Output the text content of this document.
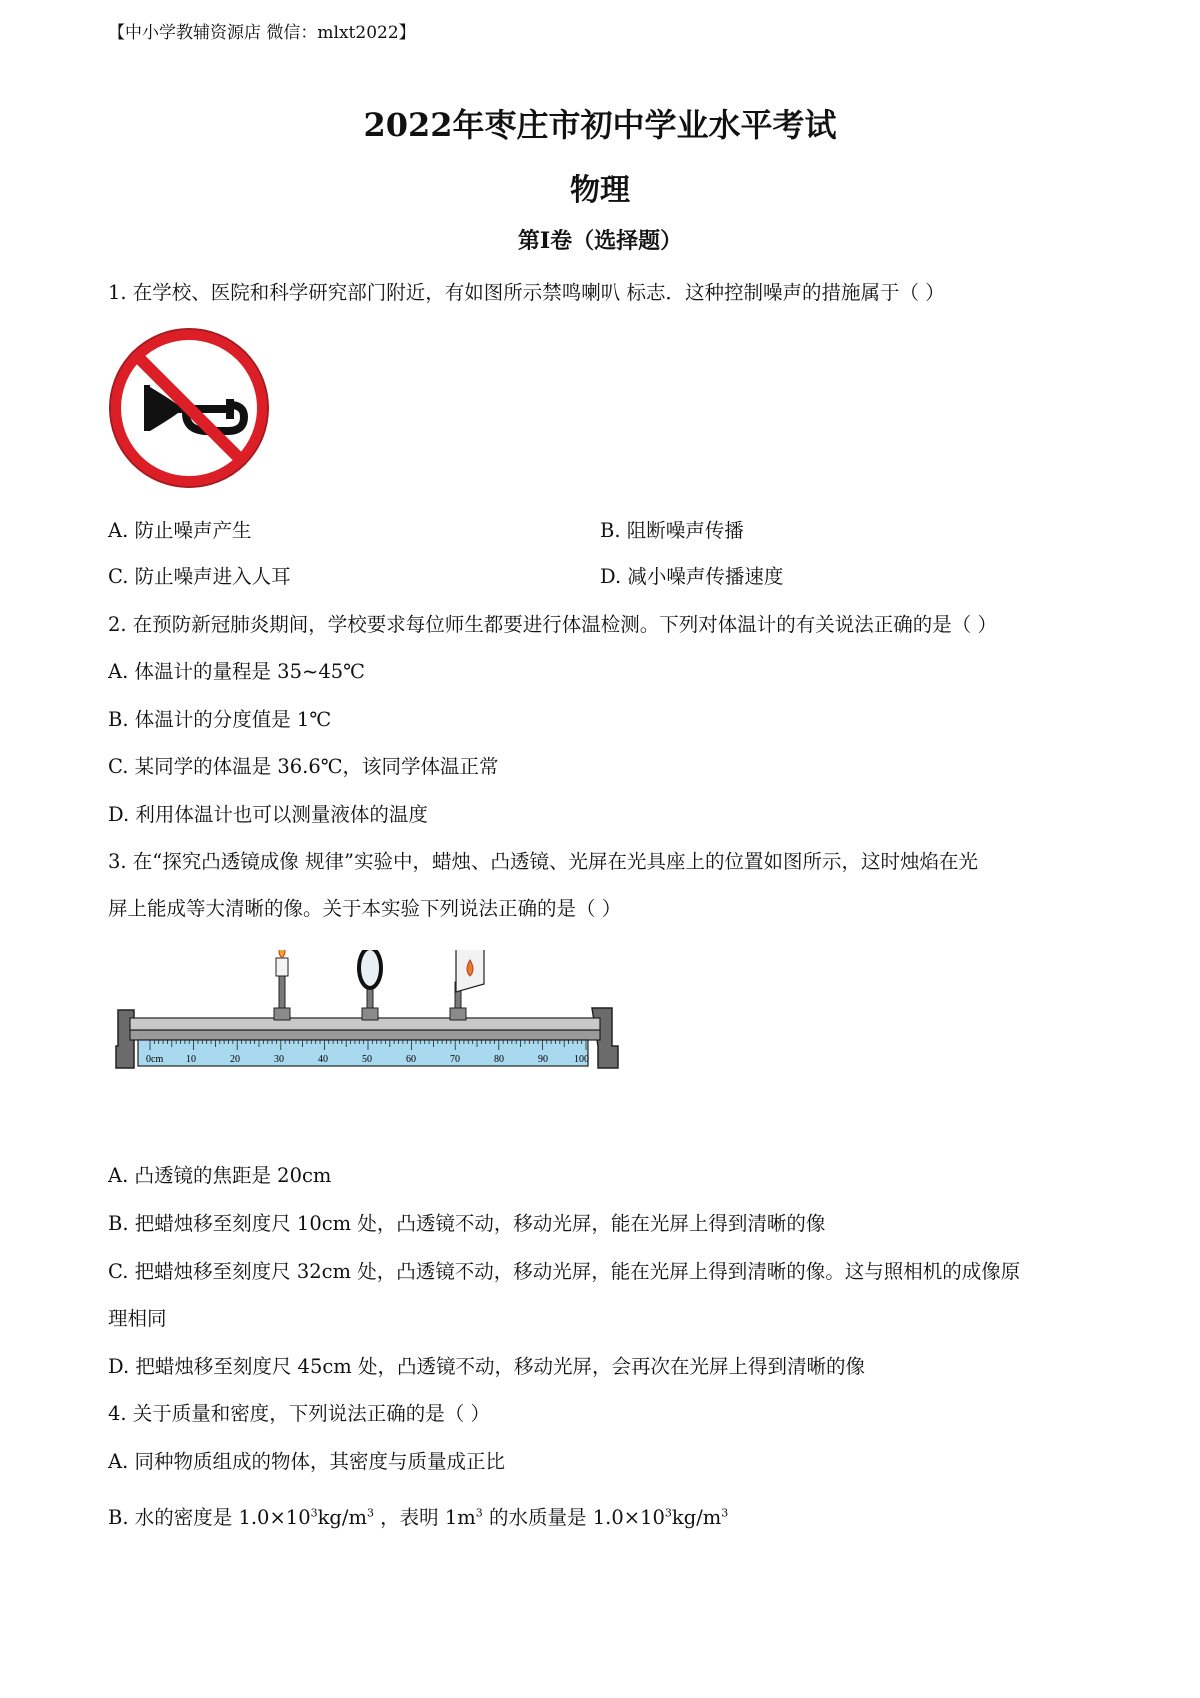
【中小学教辅资源店 微信：mlxt2022】
2022年枣庄市初中学业水平考试
物理
第I卷（选择题）
1. 在学校、医院和科学研究部门附近，有如图所示禁鸣喇叭 标志．这种控制噪声的措施属于（ ）
A. 防止噪声产生	B. 阻断噪声传播
C. 防止噪声进入人耳	D. 减小噪声传播速度
2. 在预防新冠肺炎期间，学校要求每位师生都要进行体温检测。下列对体温计的有关说法正确的是（ ）
A. 体温计的量程是 35~45℃
B. 体温计的分度值是 1℃
C. 某同学的体温是 36.6℃，该同学体温正常
D. 利用体温计也可以测量液体的温度
3. 在“探究凸透镜成像 规律”实验中，蜡烛、凸透镜、光屏在光具座上的位置如图所示，这时烛焰在光
屏上能成等大清晰的像。关于本实验下列说法正确的是（ ）
0cm 10	20	30	40	50	60	70	80	90	100
A. 凸透镜的焦距是 20cm
B. 把蜡烛移至刻度尺 10cm 处，凸透镜不动，移动光屏，能在光屏上得到清晰的像
C. 把蜡烛移至刻度尺 32cm 处，凸透镜不动，移动光屏，能在光屏上得到清晰的像。这与照相机的成像原
理相同
D. 把蜡烛移至刻度尺 45cm 处，凸透镜不动，移动光屏，会再次在光屏上得到清晰的像
4. 关于质量和密度，下列说法正确的是（ ）
A. 同种物质组成的物体，其密度与质量成正比
B. 水的密度是 $1.0\times 10^3kg/m^3$ ，表明 $1m^3$ 的水质量是 $1.0\times 10^3kg/m^3$
